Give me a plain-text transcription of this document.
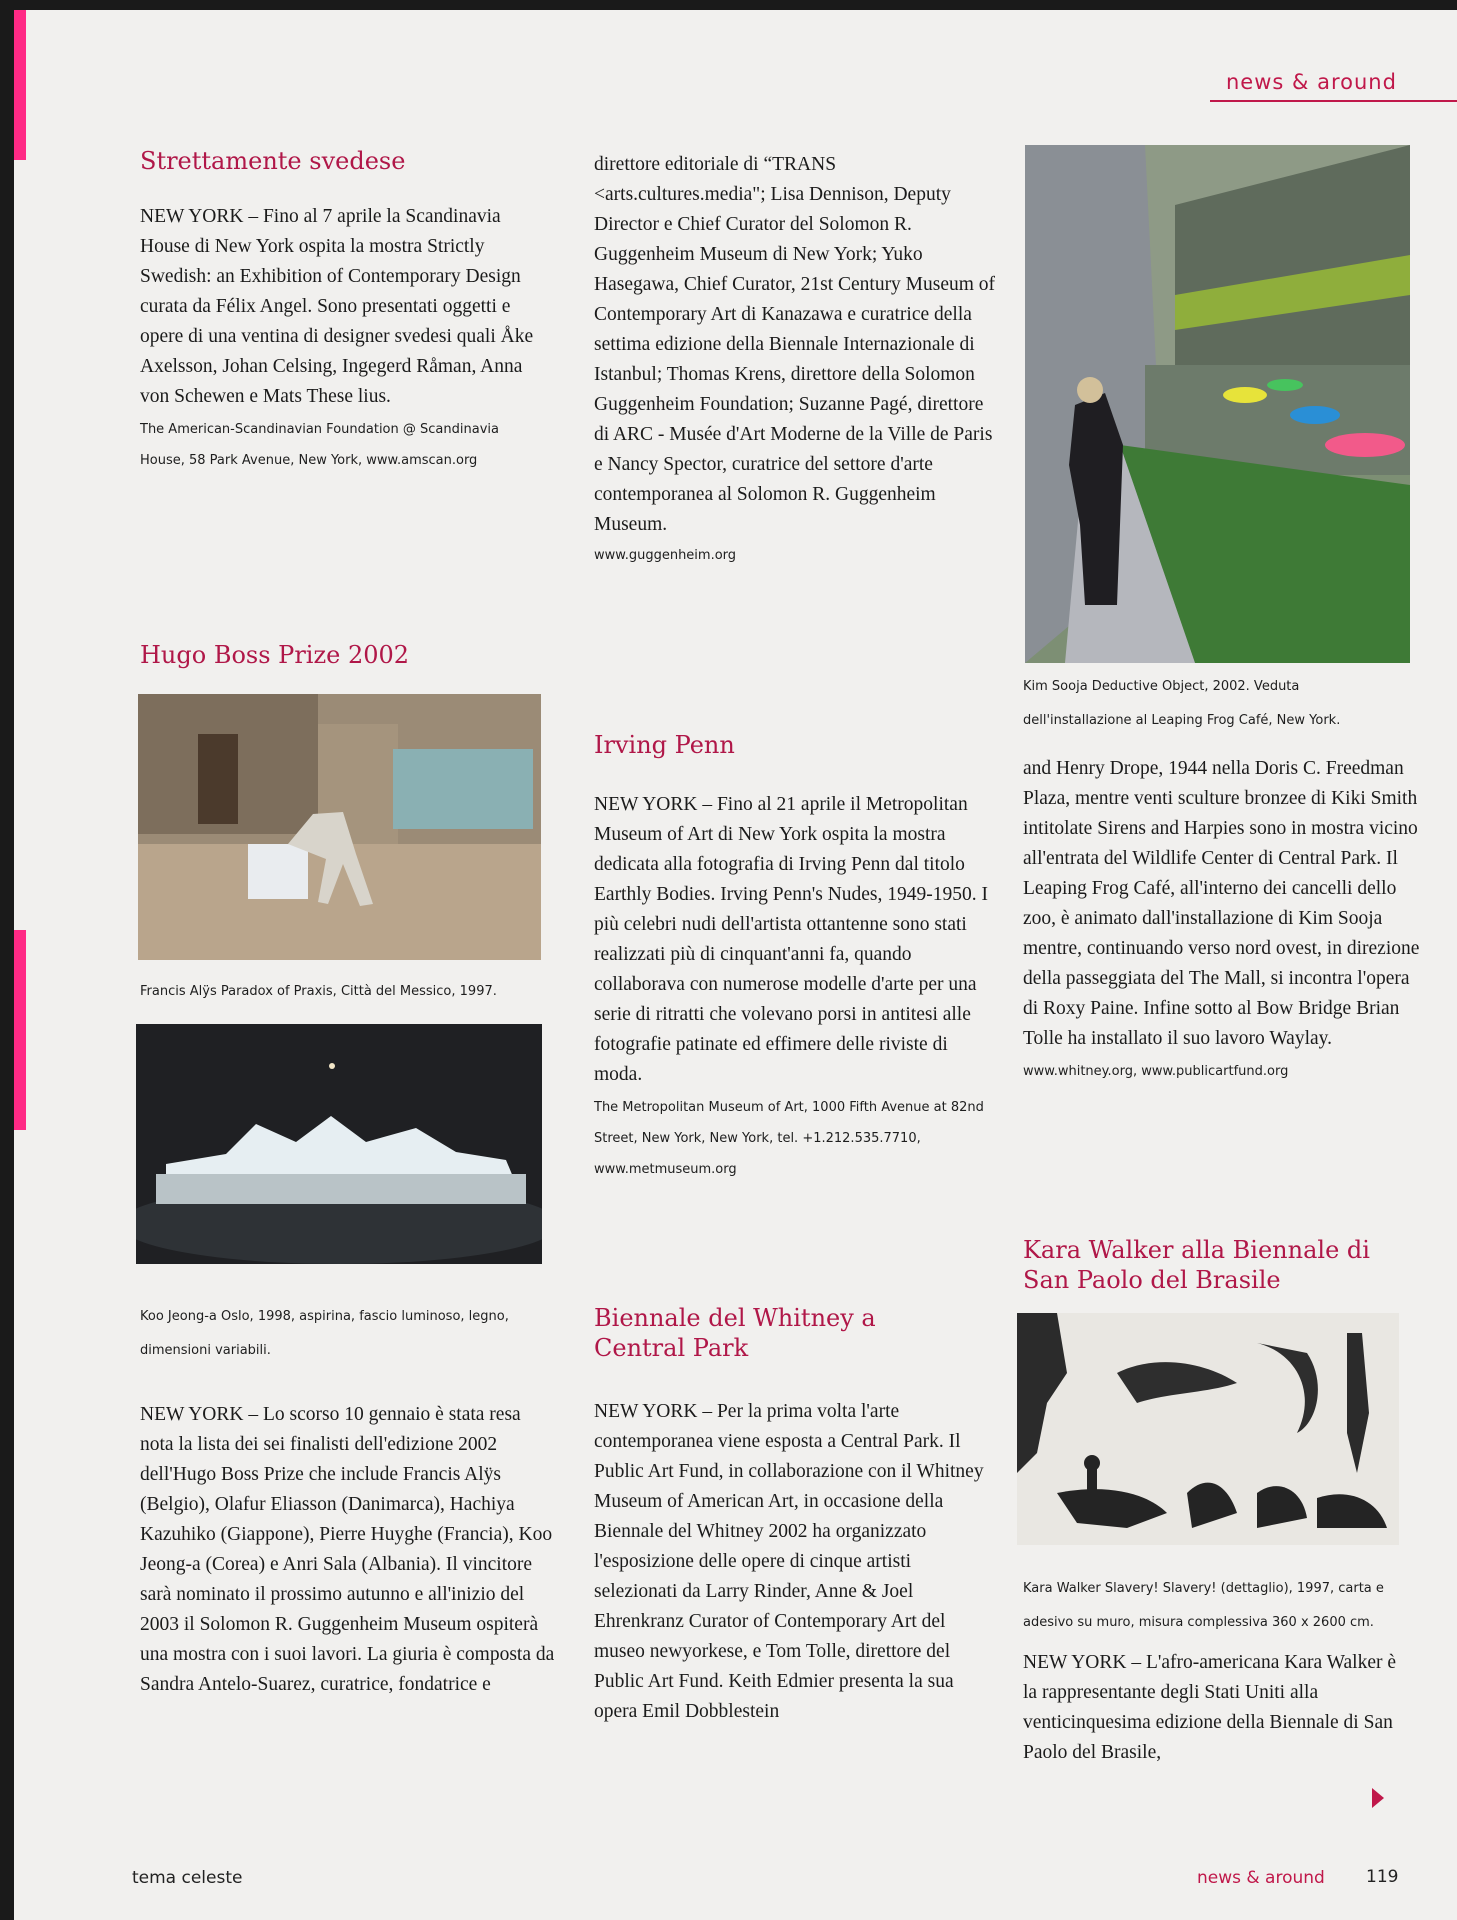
news & around
Strettamente svedese

NEW YORK – Fino al 7 aprile la Scandinavia House di New York ospita la mostra Strictly Swedish: an Exhibition of Contemporary Design curata da Félix Angel. Sono presentati oggetti e opere di una ventina di designer svedesi quali Åke Axelsson, Johan Celsing, Ingegerd Råman, Anna von Schewen e Mats These lius.

The American-Scandinavian Foundation @ Scandinavia House, 58 Park Avenue, New York, www.amscan.org
Hugo Boss Prize 2002
Francis Alÿs Paradox of Praxis, Città del Messico, 1997.
Koo Jeong-a Oslo, 1998, aspirina, fascio luminoso, legno, dimensioni variabili.

NEW YORK – Lo scorso 10 gennaio è stata resa nota la lista dei sei finalisti dell'edizione 2002 dell'Hugo Boss Prize che include Francis Alÿs (Belgio), Olafur Eliasson (Danimarca), Hachiya Kazuhiko (Giappone), Pierre Huyghe (Francia), Koo Jeong-a (Corea) e Anri Sala (Albania). Il vincitore sarà nominato il prossimo autunno e all'inizio del 2003 il Solomon R. Guggenheim Museum ospiterà una mostra con i suoi lavori. La giuria è composta da Sandra Antelo-Suarez, curatrice, fondatrice e

direttore editoriale di “TRANS <arts.cultures.media"; Lisa Dennison, Deputy Director e Chief Curator del Solomon R. Guggenheim Museum di New York; Yuko Hasegawa, Chief Curator, 21st Century Museum of Contemporary Art di Kanazawa e curatrice della settima edizione della Biennale Internazionale di Istanbul; Thomas Krens, direttore della Solomon Guggenheim Foundation; Suzanne Pagé, direttore di ARC - Musée d'Art Moderne de la Ville de Paris e Nancy Spector, curatrice del settore d'arte contemporanea al Solomon R. Guggenheim Museum.

www.guggenheim.org
Irving Penn

NEW YORK – Fino al 21 aprile il Metropolitan Museum of Art di New York ospita la mostra dedicata alla fotografia di Irving Penn dal titolo Earthly Bodies. Irving Penn's Nudes, 1949-1950. I più celebri nudi dell'artista ottantenne sono stati realizzati più di cinquant'anni fa, quando collaborava con numerose modelle d'arte per una serie di ritratti che volevano porsi in antitesi alle fotografie patinate ed effimere delle riviste di moda.

The Metropolitan Museum of Art, 1000 Fifth Avenue at 82nd Street, New York, New York, tel. +1.212.535.7710, www.metmuseum.org
Biennale del Whitney a Central Park

NEW YORK – Per la prima volta l'arte contemporanea viene esposta a Central Park. Il Public Art Fund, in collaborazione con il Whitney Museum of American Art, in occasione della Biennale del Whitney 2002 ha organizzato l'esposizione delle opere di cinque artisti selezionati da Larry Rinder, Anne & Joel Ehrenkranz Curator of Contemporary Art del museo newyorkese, e Tom Tolle, direttore del Public Art Fund. Keith Edmier presenta la sua opera Emil Dobblestein

Kim Sooja Deductive Object, 2002. Veduta dell'installazione al Leaping Frog Café, New York.

and Henry Drope, 1944 nella Doris C. Freedman Plaza, mentre venti sculture bronzee di Kiki Smith intitolate Sirens and Harpies sono in mostra vicino all'entrata del Wildlife Center di Central Park. Il Leaping Frog Café, all'interno dei cancelli dello zoo, è animato dall'installazione di Kim Sooja mentre, continuando verso nord ovest, in direzione della passeggiata del The Mall, si incontra l'opera di Roxy Paine. Infine sotto al Bow Bridge Brian Tolle ha installato il suo lavoro Waylay.

www.whitney.org, www.publicartfund.org
Kara Walker alla Biennale di San Paolo del Brasile
Kara Walker Slavery! Slavery! (dettaglio), 1997, carta e adesivo su muro, misura complessiva 360 x 2600 cm.

NEW YORK – L'afro-americana Kara Walker è la rappresentante degli Stati Uniti alla venticinquesima edizione della Biennale di San Paolo del Brasile,

tema celeste	news & around 119
